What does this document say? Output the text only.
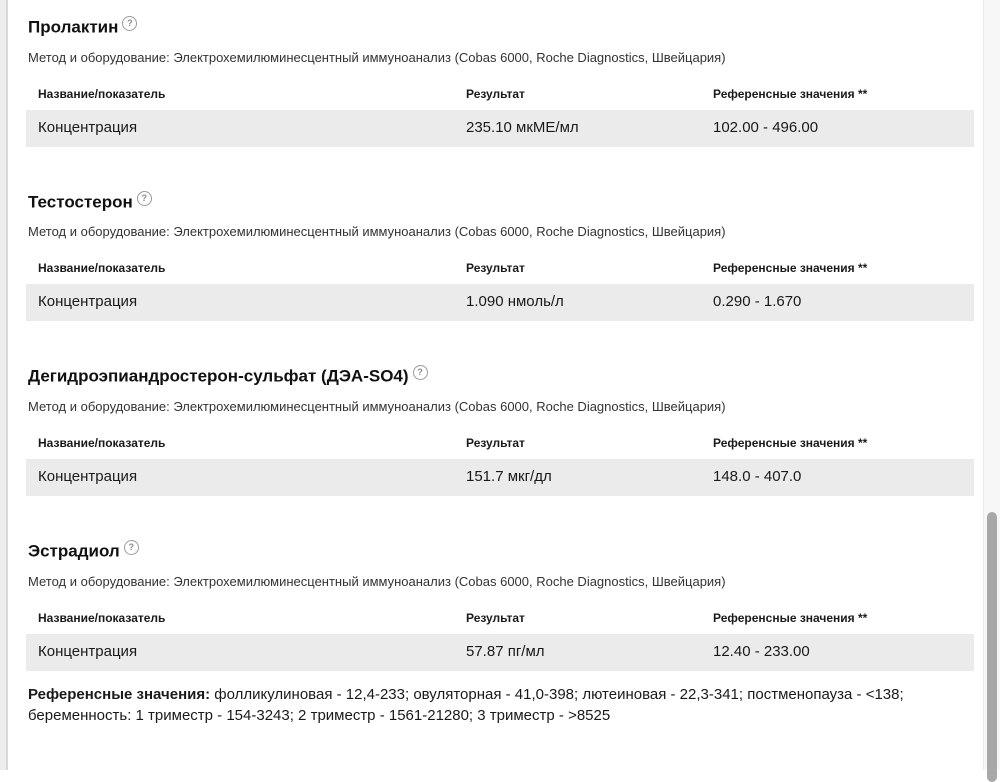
Пролактин ?

Метод и оборудование: Электрохемилюминесцентный иммуноанализ (Cobas 6000, Roche Diagnostics, Швейцария)

Название/показатель	Результат	Референсные значения **
Концентрация	235.10 мкМЕ/мл	102.00 - 496.00
Тестостерон ?

Метод и оборудование: Электрохемилюминесцентный иммуноанализ (Cobas 6000, Roche Diagnostics, Швейцария)

Название/показатель	Результат	Референсные значения **
Концентрация	1.090 нмоль/л	0.290 - 1.670
Дегидроэпиандростерон-сульфат (ДЭА-SO4) ?

Метод и оборудование: Электрохемилюминесцентный иммуноанализ (Cobas 6000, Roche Diagnostics, Швейцария)

Название/показатель	Результат	Референсные значения **
Концентрация	151.7 мкг/дл	148.0 - 407.0
Эстрадиол ?

Метод и оборудование: Электрохемилюминесцентный иммуноанализ (Cobas 6000, Roche Diagnostics, Швейцария)

Название/показатель	Результат	Референсные значения **
Концентрация	57.87 пг/мл	12.40 - 233.00

Референсные значения: фолликулиновая - 12,4-233; овуляторная - 41,0-398; лютеиновая - 22,3-341; постменопауза - <138; беременность: 1 триместр - 154-3243; 2 триместр - 1561-21280; 3 триместр - >8525
